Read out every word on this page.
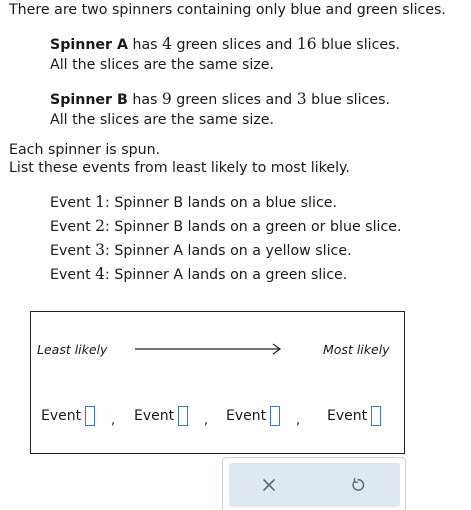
There are two spinners containing only blue and green slices.
Spinner A has 4 green slices and 16 blue slices.
All the slices are the same size.
Spinner B has 9 green slices and 3 blue slices.
All the slices are the same size.
Each spinner is spun.
List these events from least likely to most likely.
Event 1: Spinner B lands on a blue slice.
Event 2: Spinner B lands on a green or blue slice.
Event 3: Spinner A lands on a yellow slice.
Event 4: Spinner A lands on a green slice.
Least likely	Most likely
Event	, Event	, Event	, Event
